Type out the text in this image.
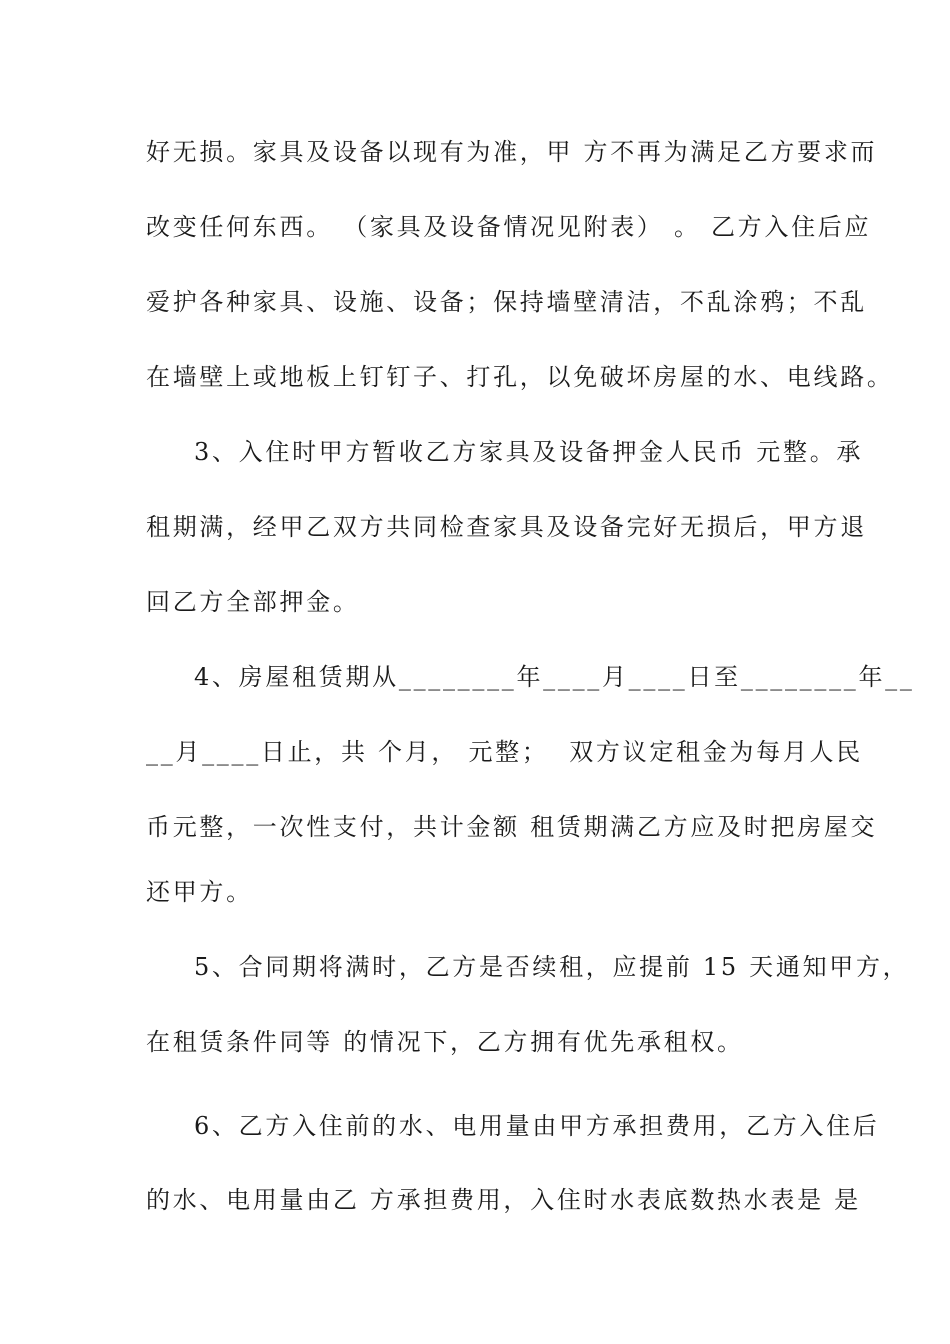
好无损。家具及设备以现有为准，甲 方不再为满足乙方要求而
改变任何东西。 （家具及设备情况见附表） 。 乙方入住后应
爱护各种家具、设施、设备；保持墙壁清洁，不乱涂鸦；不乱
在墙壁上或地板上钉钉子、打孔，以免破坏房屋的水、电线路。
3、入住时甲方暂收乙方家具及设备押金人民币 元整。承
租期满，经甲乙双方共同检查家具及设备完好无损后，甲方退
回乙方全部押金。
4、房屋租赁期从________年____月____日至________年__
__月____日止，共 个月， 元整；  双方议定租金为每月人民
币元整，一次性支付，共计金额 租赁期满乙方应及时把房屋交
还甲方。
5、合同期将满时，乙方是否续租，应提前 15 天通知甲方，
在租赁条件同等 的情况下，乙方拥有优先承租权。
6、乙方入住前的水、电用量由甲方承担费用，乙方入住后
的水、电用量由乙 方承担费用，入住时水表底数热水表是 是
